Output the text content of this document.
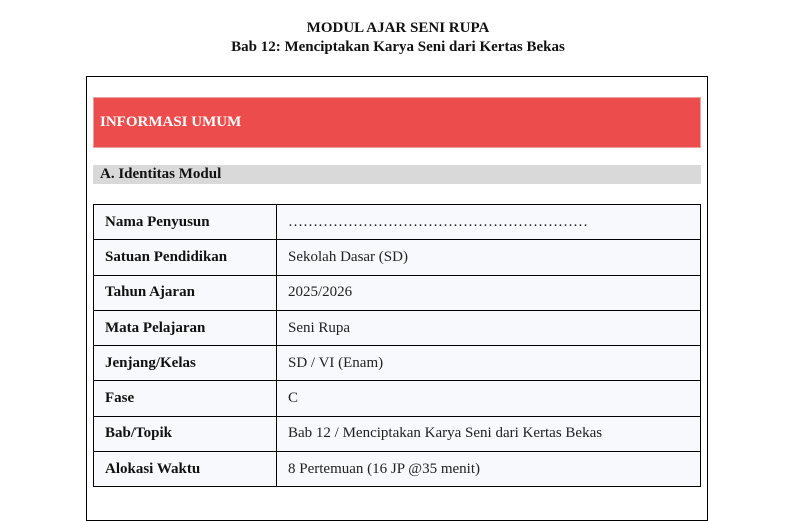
MODUL AJAR SENI RUPA
Bab 12: Menciptakan Karya Seni dari Kertas Bekas
INFORMASI UMUM
A. Identitas Modul
Nama Penyusun	……………………………………………………
Satuan Pendidikan	Sekolah Dasar (SD)
Tahun Ajaran	2025/2026
Mata Pelajaran	Seni Rupa
Jenjang/Kelas	SD / VI (Enam)
Fase	C
Bab/Topik	Bab 12 / Menciptakan Karya Seni dari Kertas Bekas
Alokasi Waktu	8 Pertemuan (16 JP @35 menit)
